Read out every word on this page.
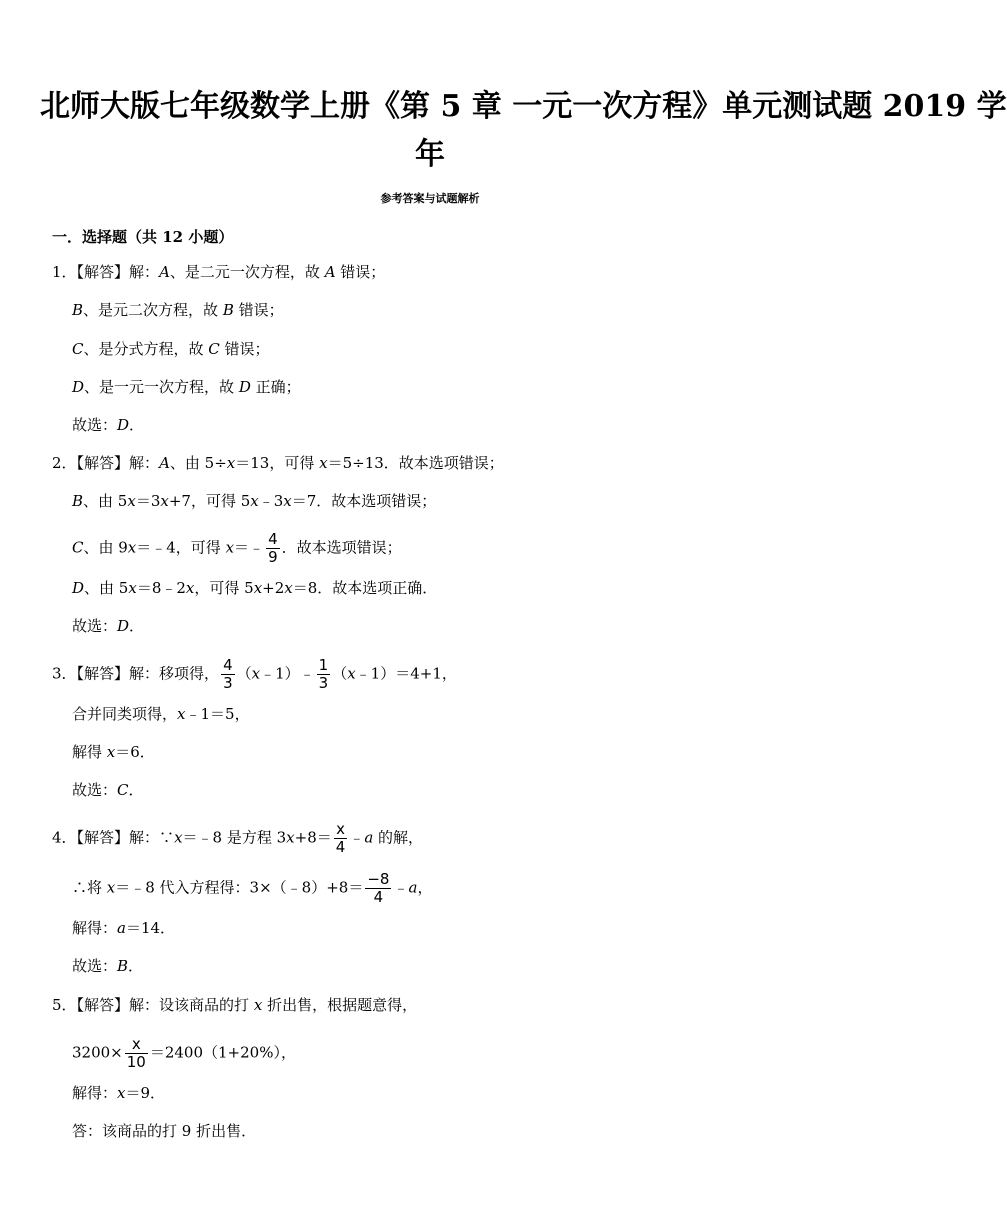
北师大版七年级数学上册《第 5 章 一元一次方程》单元测试题 2019 学
年
参考答案与试题解析
一．选择题（共 12 小题）
1．【解答】解：A、是二元一次方程，故 A 错误；
B、是元二次方程，故 B 错误；
C、是分式方程，故 C 错误；
D、是一元一次方程，故 D 正确；
故选：D．
2．【解答】解：A、由 5÷x＝13，可得 x＝5÷13．故本选项错误；
B、由 5x＝3x+7，可得 5x﹣3x＝7．故本选项错误；
C、由 9x＝﹣4，可得 x＝﹣ $\frac{4}{9}$ ．故本选项错误；
D、由 5x＝8﹣2x，可得 5x+2x＝8．故本选项正确．
故选：D．
3．【解答】解：移项得， $\frac{4}{3}$ （x﹣1）﹣ $\frac{1}{3}$ （x﹣1）＝4+1，
合并同类项得，x﹣1＝5，
解得 x＝6．
故选：C．
4．【解答】解：∵x＝﹣8 是方程 $3x+8= \frac{x}{4}$ ﹣a 的解，
∴将 x＝﹣8 代入方程得：3×（﹣8）+8＝ $\frac{-8}{4}$ ﹣a，
解得：a＝14．
故选：B．
5．【解答】解：设该商品的打 x 折出售，根据题意得，
$3200\times \frac{x}{10} =2400(1+20\%)$，
解得：x＝9．
答：该商品的打 9 折出售．
